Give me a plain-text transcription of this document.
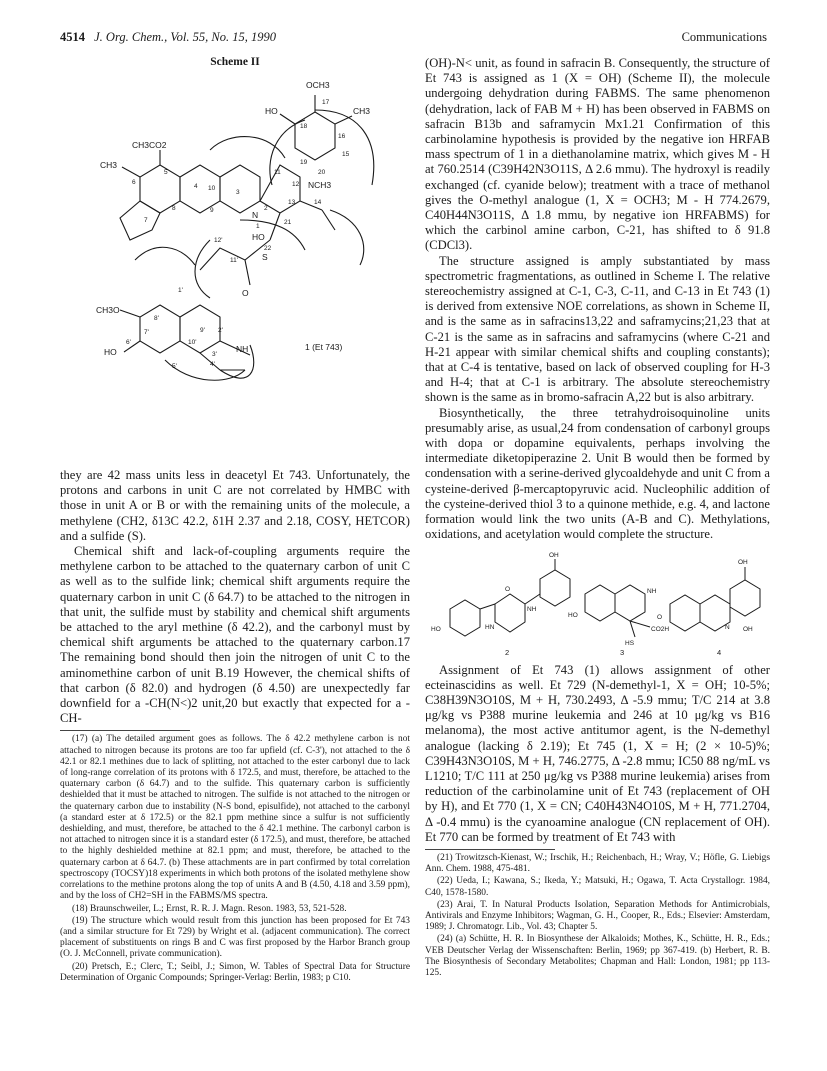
4514 J. Org. Chem., Vol. 55, No. 15, 1990	Communications
Scheme II
OCH3
HO	CH3
CH3CO2
CH3
NCH3
N
HO
S
O
CH3O
NH
HO
17
18
16
15
19
20
5
6
4 10
3
11
12
13	14
7
8	9	2
21
1
22
12'
11'
1'
8'
9' 2'
7'
6'	10'
3'
4'
5'
1 (Et 743)

they are 42 mass units less in deacetyl Et 743. Unfortunately, the protons and carbons in unit C are not correlated by HMBC with those in unit A or B or with the remaining units of the molecule, a methylene (CH2, δ13C 42.2, δ1H 2.37 and 2.18, COSY, HETCOR) and a sulfide (S).

Chemical shift and lack-of-coupling arguments require the methylene carbon to be attached to the quaternary carbon of unit C as well as to the sulfide link; chemical shift arguments require the quaternary carbon in unit C (δ 64.7) to be attached to the nitrogen in that unit, the sulfide must by stability and chemical shift arguments be attached to the aryl methine (δ 42.2), and the carbonyl must by chemical shift arguments be attached to the quaternary carbon.17 The remaining bond should then join the nitrogen of unit C to the aminomethine carbon of unit B.19 However, the chemical shifts of that carbon (δ 82.0) and hydrogen (δ 4.50) are unexpectedly far downfield for a -CH(N<)2 unit,20 but exactly that expected for a -CH-

(17) (a) The detailed argument goes as follows. The δ 42.2 methylene carbon is not attached to nitrogen because its protons are too far upfield (cf. C-3'), not attached to the δ 42.1 or 82.1 methines due to lack of splitting, not attached to the ester carbonyl due to lack of long-range correlation of its protons with δ 172.5, and must, therefore, be attached to the quaternary carbon (δ 64.7) and to the sulfide. This quaternary carbon is sufficiently deshielded that it must be attached to nitrogen. The sulfide is not attached to the nitrogen or the quaternary carbon due to instability (N-S bond, episulfide), not attached to the carbonyl (a standard ester at δ 172.5) or the 82.1 ppm methine since a sulfur is not sufficiently deshielding, and must, therefore, be attached to the δ 42.1 methine. The carbonyl carbon is not attached to nitrogen since it is a standard ester (δ 172.5), and must, therefore, be attached to the highly deshielded methine at 82.1 ppm; and must, therefore, be attached to the quaternary carbon at δ 64.7. (b) These attachments are in part confirmed by total correlation spectroscopy (TOCSY)18 experiments in which both protons of the isolated methylene show correlations to the methine protons along the top of units A and B (4.50, 4.18 and 3.59 ppm), and by the loss of CH2=SH in the FABMS/MS spectra.

(18) Braunschweiler, L.; Ernst, R. R. J. Magn. Reson. 1983, 53, 521-528.

(19) The structure which would result from this junction has been proposed for Et 743 (and a similar structure for Et 729) by Wright et al. (adjacent communication). The correct placement of substituents on rings B and C was first proposed by the Harbor Branch group (O. J. McConnell, private communication).

(20) Pretsch, E.; Clerc, T.; Seibl, J.; Simon, W. Tables of Spectral Data for Structure Determination of Organic Compounds; Springer-Verlag: Berlin, 1983; p C10.

(OH)-N< unit, as found in safracin B. Consequently, the structure of Et 743 is assigned as 1 (X = OH) (Scheme II), the molecule undergoing dehydration during FABMS. The same phenomenon (dehydration, lack of FAB M + H) has been observed in FABMS on safracin B13b and saframycin Mx1.21 Confirmation of this carbinolamine hypothesis is provided by the negative ion HRFAB mass spectrum of 1 in a diethanolamine matrix, which gives M - H at 760.2514 (C39H42N3O11S, Δ 2.6 mmu). The hydroxyl is readily exchanged (cf. cyanide below); treatment with a trace of methanol gives the O-methyl analogue (1, X = OCH3; M - H 774.2679, C40H44N3O11S, Δ 1.8 mmu, by negative ion HRFABMS) for which the carbinol amine carbon, C-21, has shifted to δ 91.8 (CDCl3).

The structure assigned is amply substantiated by mass spectrometric fragmentations, as outlined in Scheme I. The relative stereochemistry assigned at C-1, C-3, C-11, and C-13 in Et 743 (1) is derived from extensive NOE correlations, as shown in Scheme II, and is the same as in safracins13,22 and saframycins;21,23 that at C-21 is the same as in safracins and saframycins (where C-21 and H-21 appear with similar chemical shifts and coupling constants); that at C-4 is tentative, based on lack of observed coupling for H-3 and H-4; that at C-1 is arbitrary. The absolute stereochemistry shown is the same as in bromo-safracin A,22 but is also arbitrary.

Biosynthetically, the three tetrahydroisoquinoline units presumably arise, as usual,24 from condensation of carbonyl groups with dopa or dopamine equivalents, perhaps involving the intermediate diketopiperazine 2. Unit B would then be formed by condensation with a serine-derived glycoaldehyde and unit C from a cysteine-derived β-mercaptopyruvic acid. Nucleophilic addition of the cysteine-derived thiol 3 to a quinone methide, e.g. 4, and lactone formation would link the two units (A-B and C). Methylations, oxidations, and acetylation would complete the structure.

OH
O
NH
HN
HO
HO
NH
CO2H
HS
OH
O
N OH
2	3	4

Assignment of Et 743 (1) allows assignment of other ecteinascidins as well. Et 729 (N-demethyl-1, X = OH; 10-5%; C38H39N3O10S, M + H, 730.2493, Δ -5.9 mmu; T/C 214 at 3.8 μg/kg vs P388 murine leukemia and 246 at 10 μg/kg vs B16 melanoma), the most active antitumor agent, is the N-demethyl analogue (lacking δ 2.19); Et 745 (1, X = H; (2 × 10-5)%; C39H43N3O10S, M + H, 746.2775, Δ -2.8 mmu; IC50 88 ng/mL vs L1210; T/C 111 at 250 μg/kg vs P388 murine leukemia) arises from reduction of the carbinolamine unit of Et 743 (replacement of OH by H), and Et 770 (1, X = CN; C40H43N4O10S, M + H, 771.2704, Δ -0.4 mmu) is the cyanoamine analogue (CN replacement of OH). Et 770 can be formed by treatment of Et 743 with

(21) Trowitzsch-Kienast, W.; Irschik, H.; Reichenbach, H.; Wray, V.; Höfle, G. Liebigs Ann. Chem. 1988, 475-481.

(22) Ueda, I.; Kawana, S.; Ikeda, Y.; Matsuki, H.; Ogawa, T. Acta Crystallogr. 1984, C40, 1578-1580.

(23) Arai, T. In Natural Products Isolation, Separation Methods for Antimicrobials, Antivirals and Enzyme Inhibitors; Wagman, G. H., Cooper, R., Eds.; Elsevier: Amsterdam, 1989; J. Chromatogr. Lib., Vol. 43; Chapter 5.

(24) (a) Schütte, H. R. In Biosynthese der Alkaloids; Mothes, K., Schütte, H. R., Eds.; VEB Deutscher Verlag der Wissenschaften: Berlin, 1969; pp 367-419. (b) Herbert, R. B. The Biosynthesis of Secondary Metabolites; Chapman and Hall: London, 1981; pp 113-125.
